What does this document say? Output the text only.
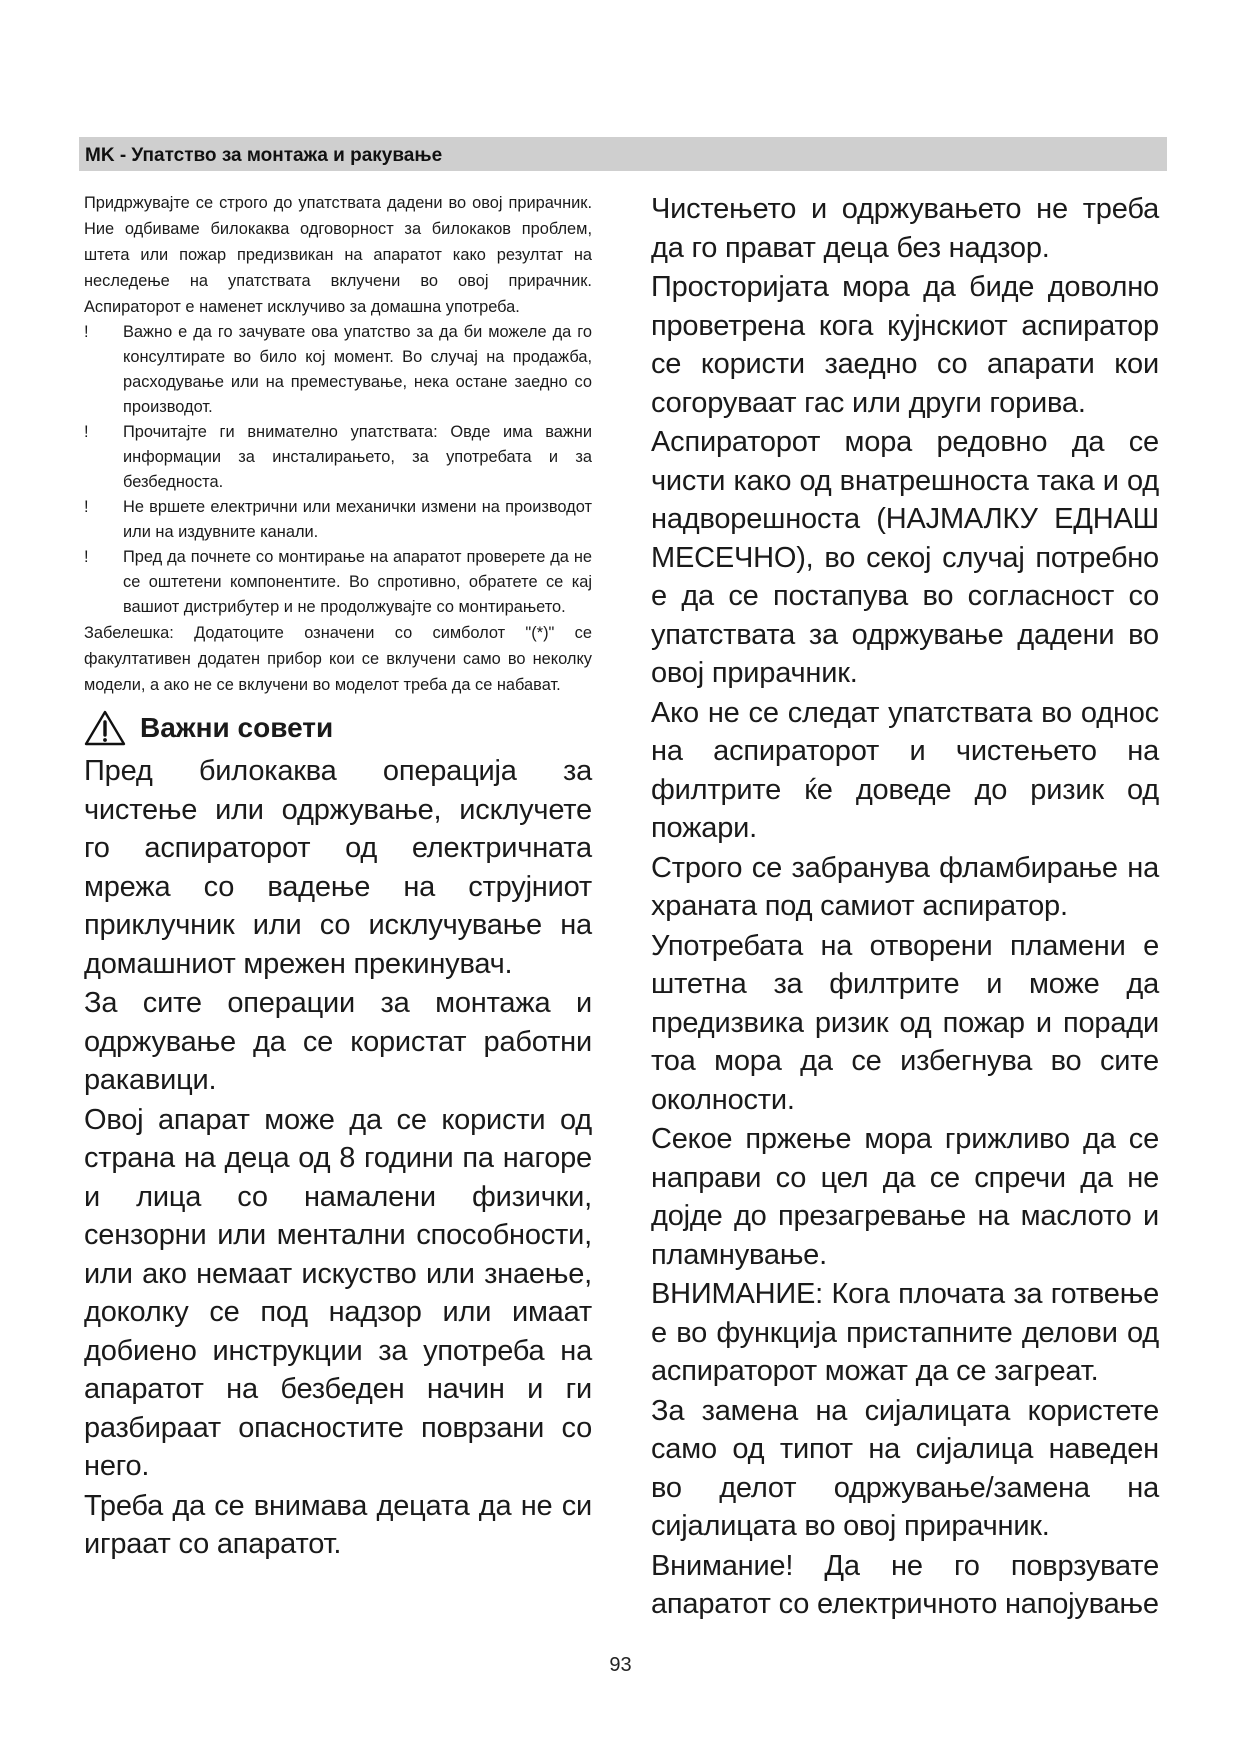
MK - Упатство за монтажа и ракување

Придржувајте се строго до упатствата дадени во овој прирачник. Ние одбиваме билокаква одговорност за билокаков проблем, штета или пожар предизвикан на апаратот како резултат на неследење на упатствата вклучени во овој прирачник. Аспираторот е наменет исклучиво за домашна употреба.

! Важно е да го зачувате ова упатство за да би можеле да го консултирате во било кој момент. Во случај на продажба, расходување или на преместување, нека остане заедно со производот.
! Прочитајте ги внимателно упатствата: Овде има важни информации за инсталирањето, за употребата и за безбедноста.
! Не вршете електрични или механички измени на производот или на издувните канали.
! Пред да почнете со монтирање на апаратот проверете да не се оштетени компонентите. Во спротивно, обратете се кај вашиот дистрибутер и не продолжувајте со монтирањето.

Забелешка: Додатоците означени со симболот "(*)" се факултативен додатен прибор кои се вклучени само во неколку модели, а ако не се вклучени во моделот треба да се набават.

Важни совети

Пред билокаква операција за чистење или одржување, исклучете го аспираторот од електричната мрежа со вадење на струјниот приклучник или со исклучување на домашниот мрежен прекинувач.

За сите операции за монтажа и одржување да се користат работни ракавици.

Овој апарат може да се користи од страна на деца од 8 години па нагоре и лица со намалени физички, сензорни или ментални способности, или ако немаат искуство или знаење, доколку се под надзор или имаат добиено инструкции за употреба на апаратот на безбеден начин и ги разбираат опасностите поврзани со него.

Треба да се внимава децата да не си играат со апаратот.

Чистењето и одржувањето не треба да го прават деца без надзор.

Просторијата мора да биде доволно проветрена кога кујнскиот аспиратор се користи заедно со апарати кои согоруваат гас или други горива.

Аспираторот мора редовно да се чисти како од внатрешноста така и од надворешноста (НАЈМАЛКУ ЕДНАШ МЕСЕЧНО), во секој случај потребно е да се постапува во согласност со упатствата за одржување дадени во овој прирачник.

Ако не се следат упатствата во однос на аспираторот и чистењето на филтрите ќе доведе до ризик од пожари.

Строго се забранува фламбирање на храната под самиот аспиратор.

Употребата на отворени пламени е штетна за филтрите и може да предизвика ризик од пожар и поради тоа мора да се избегнува во сите околности.

Секое пржење мора грижливо да се направи со цел да се спречи да не дојде до презагревање на маслото и пламнување.

ВНИМАНИЕ: Кога плочата за готвење е во функција пристапните делови од аспираторот можат да се загреат.

За замена на сијалицата користете само од типот на сијалица наведен во делот одржување/замена на сијалицата во овој прирачник.

Внимание! Да не го поврзувате апаратот со електричното напојување

93
